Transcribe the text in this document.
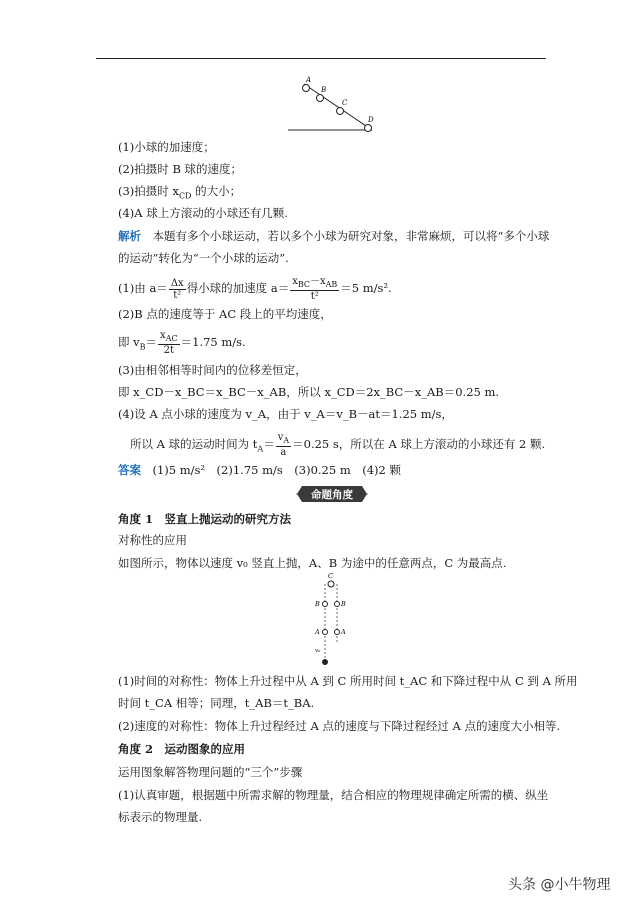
A
B
C
D
(1)小球的加速度；
(2)拍摄时 B 球的速度；
(3)拍摄时 $x_{CD}$ 的大小；
(4)A 球上方滚动的小球还有几颗.
解析　 本题有多个小球运动，若以多个小球为研究对象，非常麻烦，可以将“多个小球
的运动”转化为“一个小球的运动”.
(1)由 $a= \frac{\Delta x}{\text{t²}}$ 得小球的加速度 $a= \frac{x_{BC}-x_{AB}}{\text{t²}} =5$ m/s².
(2)B 点的速度等于 AC 段上的平均速度，
即 $v_B= \frac{x_{AC}}{2t} =1.75$ m/s.
(3)由相邻相等时间内的位移差恒定，
即 x_CD－x_BC＝x_BC－x_AB，所以 x_CD＝2x_BC－x_AB＝0.25 m.
(4)设 A 点小球的速度为 v_A，由于 v_A＝v_B－at＝1.25 m/s，
所以 A 球的运动时间为 $t_A= \frac{v_A}{a} =0.25$ s，所以在 A 球上方滚动的小球还有 2 颗.
答案　 (1)5 m/s²　(2)1.75 m/s　(3)0.25 m　(4)2 颗
命题角度
角度 1　竖直上抛运动的研究方法
对称性的应用
如图所示，物体以速度 v₀ 竖直上抛，A、B 为途中的任意两点，C 为最高点.
C
B	B
A	A
v₀
(1)时间的对称性：物体上升过程中从 A 到 C 所用时间 t_AC 和下降过程中从 C 到 A 所用
时间 t_CA 相等；同理，t_AB＝t_BA.
(2)速度的对称性：物体上升过程经过 A 点的速度与下降过程经过 A 点的速度大小相等.
角度 2　运动图象的应用
运用图象解答物理问题的“三个”步骤
(1)认真审题，根据题中所需求解的物理量，结合相应的物理规律确定所需的横、纵坐
标表示的物理量.
头条 @小牛物理
